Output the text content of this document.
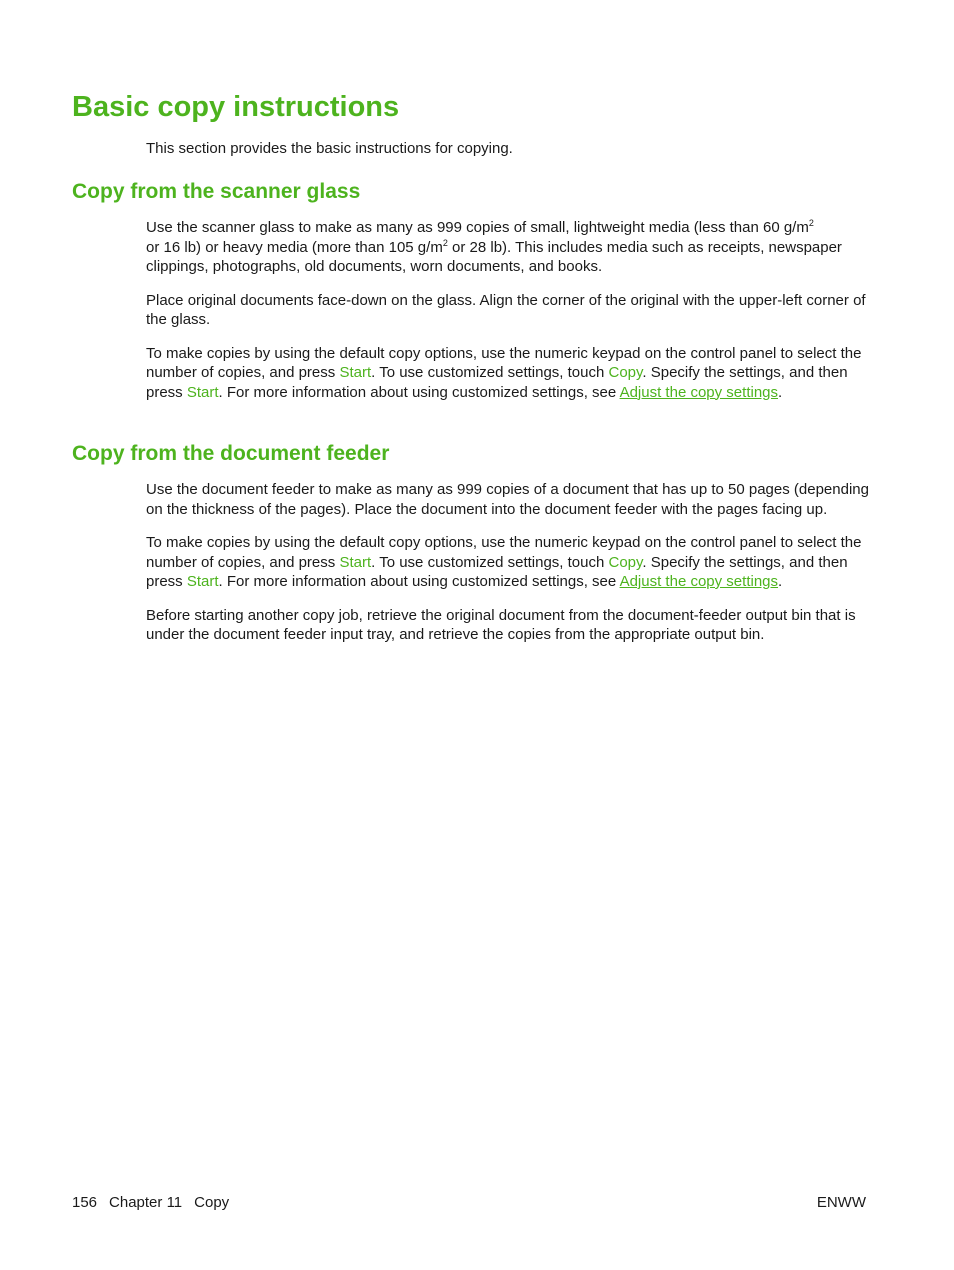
Basic copy instructions

This section provides the basic instructions for copying.

Copy from the scanner glass

Use the scanner glass to make as many as 999 copies of small, lightweight media (less than 60 $g/m^2$
or 16 lb) or heavy media (more than 105 $g/m^2$ or 28 lb). This includes media such as receipts, newspaper clippings, photographs, old documents, worn documents, and books.

Place original documents face-down on the glass. Align the corner of the original with the upper-left corner of the glass.

To make copies by using the default copy options, use the numeric keypad on the control panel to select the number of copies, and press Start. To use customized settings, touch Copy. Specify the settings, and then press Start. For more information about using customized settings, see Adjust the copy settings.

Copy from the document feeder

Use the document feeder to make as many as 999 copies of a document that has up to 50 pages (depending on the thickness of the pages). Place the document into the document feeder with the pages facing up.

To make copies by using the default copy options, use the numeric keypad on the control panel to select the number of copies, and press Start. To use customized settings, touch Copy. Specify the settings, and then press Start. For more information about using customized settings, see Adjust the copy settings.

Before starting another copy job, retrieve the original document from the document-feeder output bin that is under the document feeder input tray, and retrieve the copies from the appropriate output bin.

156 Chapter 11 Copy	ENWW
